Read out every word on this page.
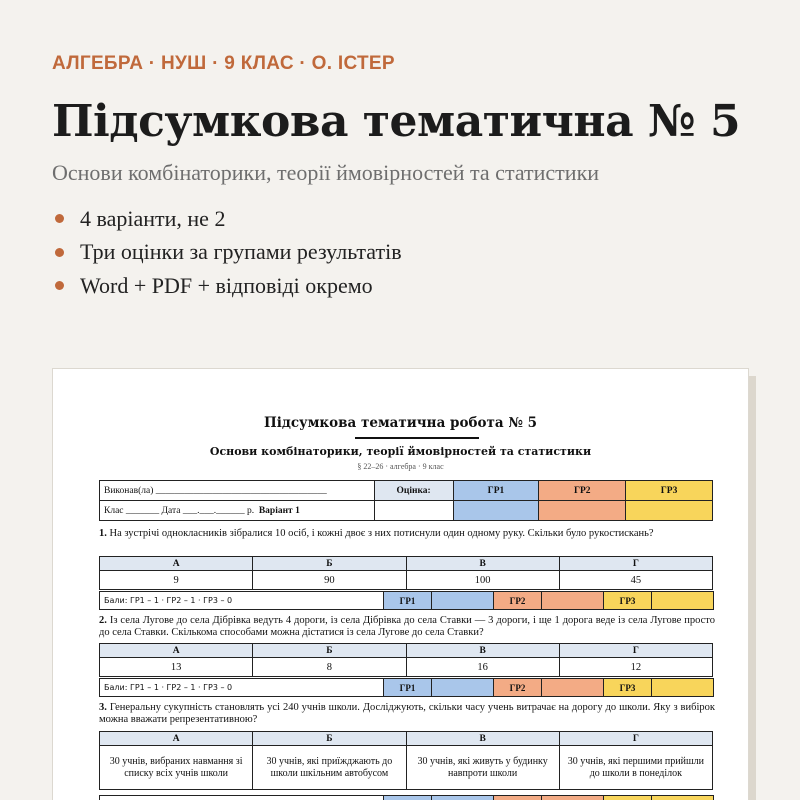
АЛГЕБРА · НУШ · 9 КЛАС · О. ІСТЕР
Підсумкова тематична № 5
Основи комбінаторики, теорії ймовірностей та статистики
4 варіанти, не 2
Три оцінки за групами результатів
Word + PDF + відповіді окремо
Підсумкова тематична робота № 5
Основи комбінаторики, теорії ймовірностей та статистики
§ 22–26 · алгебра · 9 клас
Виконав(ла) ____________________________________	Оцінка:	ГР1	ГР2	ГР3
Клас _______ Дата ___.___.______ р. Варіант 1				
1. На зустрічі однокласників зібралися 10 осіб, і кожні двоє з них потиснули один одному руку. Скільки було рукостискань?
А	Б	В	Г
9	90	100	45
Бали: ГР1 – 1 · ГР2 – 1 · ГР3 – 0	ГР1		ГР2		ГР3	
2. Із села Лугове до села Дібрівка ведуть 4 дороги, із села Дібрівка до села Ставки — 3 дороги, і ще 1 дорога веде із села Лугове просто до села Ставки. Скількома способами можна дістатися із села Лугове до села Ставки?
А	Б	В	Г
13	8	16	12
Бали: ГР1 – 1 · ГР2 – 1 · ГР3 – 0	ГР1		ГР2		ГР3	
3. Генеральну сукупність становлять усі 240 учнів школи. Досліджують, скільки часу учень витрачає на дорогу до школи. Яку з вибірок можна вважати репрезентативною?
А	Б	В	Г
30 учнів, вибраних навмання зі списку всіх учнів школи	30 учнів, які приїжджають до школи шкільним автобусом	30 учнів, які живуть у будинку навпроти школи	30 учнів, які першими прийшли до школи в понеділок
